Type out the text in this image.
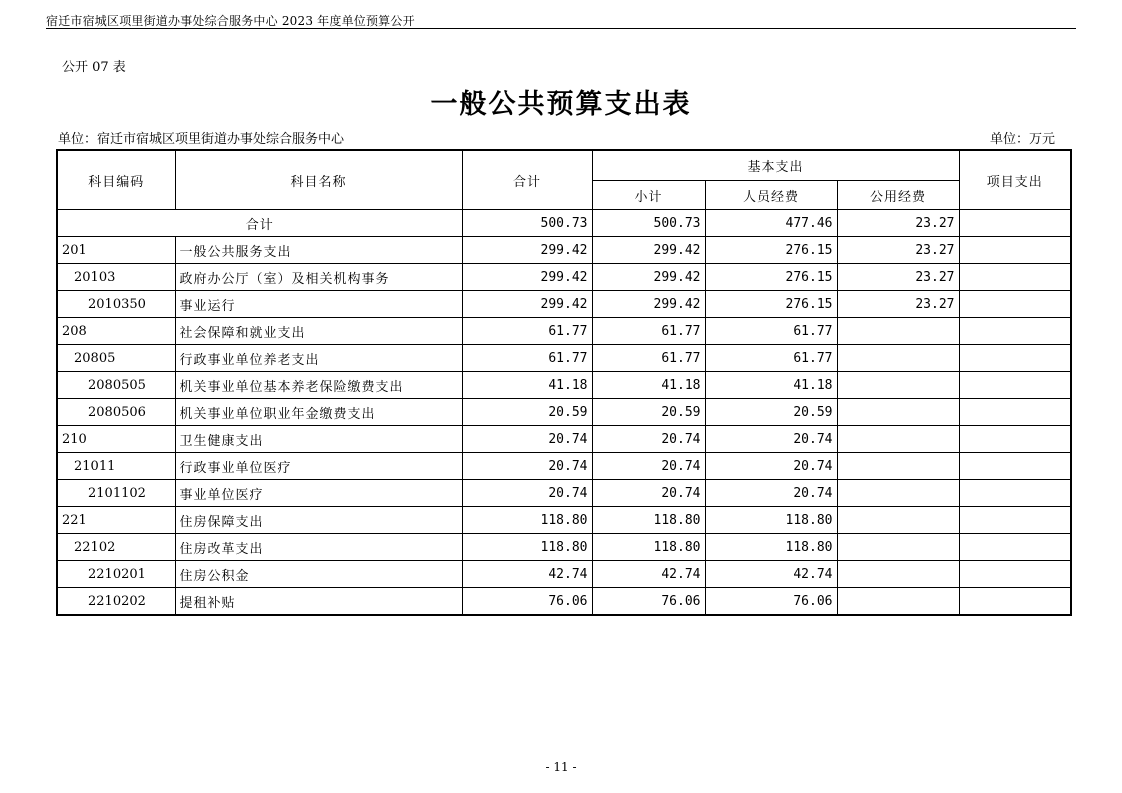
宿迁市宿城区项里街道办事处综合服务中心 2023 年度单位预算公开
公开 07 表
一般公共预算支出表
单位：宿迁市宿城区项里街道办事处综合服务中心	单位：万元
科目编码	科目名称	合计	基本支出			项目支出
			小计	人员经费	公用经费	
合计		500.73	500.73	477.46	23.27	
201	一般公共服务支出	299.42	299.42	276.15	23.27	
20103	政府办公厅（室）及相关机构事务	299.42	299.42	276.15	23.27	
2010350	事业运行	299.42	299.42	276.15	23.27	
208	社会保障和就业支出	61.77	61.77	61.77		
20805	行政事业单位养老支出	61.77	61.77	61.77		
2080505	机关事业单位基本养老保险缴费支出	41.18	41.18	41.18		
2080506	机关事业单位职业年金缴费支出	20.59	20.59	20.59		
210	卫生健康支出	20.74	20.74	20.74		
21011	行政事业单位医疗	20.74	20.74	20.74		
2101102	事业单位医疗	20.74	20.74	20.74		
221	住房保障支出	118.80	118.80	118.80		
22102	住房改革支出	118.80	118.80	118.80		
2210201	住房公积金	42.74	42.74	42.74		
2210202	提租补贴	76.06	76.06	76.06		
- 11 -
